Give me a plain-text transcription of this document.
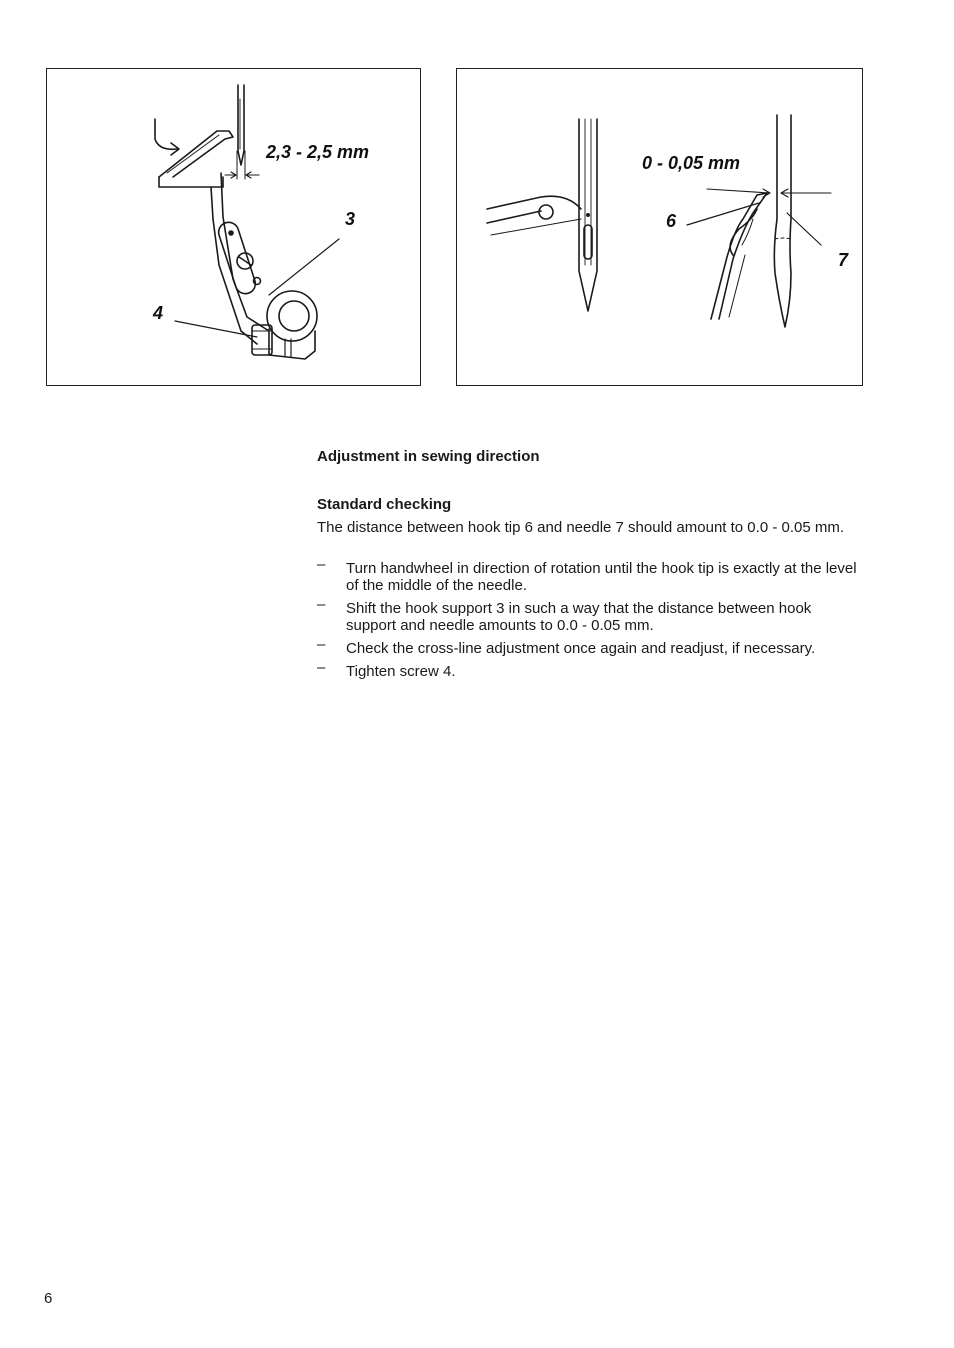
2,3 - 2,5 mm
3
4
0 - 0,05 mm
6
7
Adjustment in sewing direction
Standard checking
The distance between hook tip 6 and needle 7 should amount to 0.0 - 0.05 mm.
– Turn handwheel in direction of rotation until the hook tip is exactly at the level of the middle of the needle.
– Shift the hook support 3 in such a way that the distance between hook support and needle amounts to 0.0 - 0.05 mm.
– Check the cross-line adjustment once again and readjust, if necessary.
– Tighten screw 4.
6
